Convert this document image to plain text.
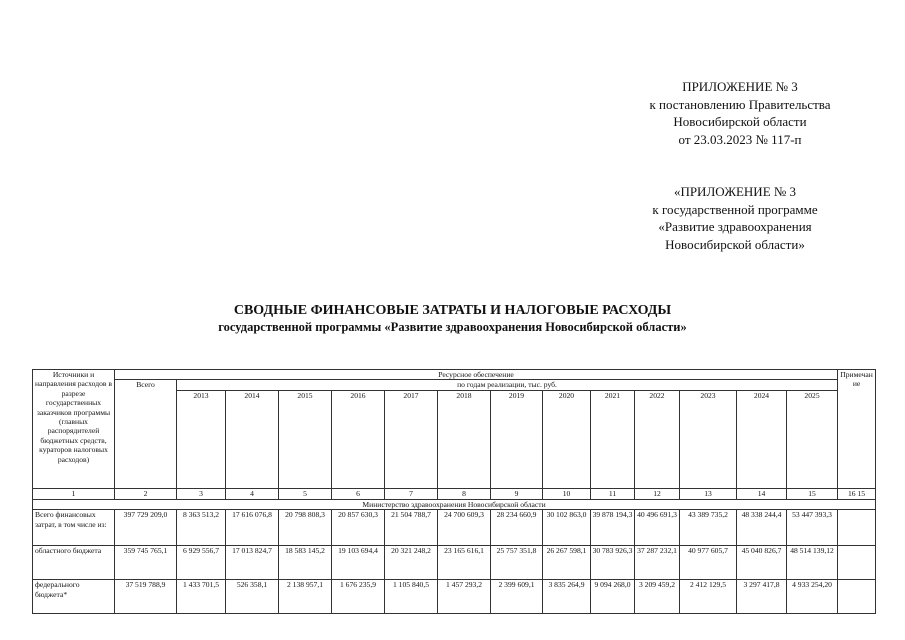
ПРИЛОЖЕНИЕ № 3
к постановлению Правительства
Новосибирской области
от 23.03.2023 № 117-п
«ПРИЛОЖЕНИЕ № 3
к государственной программе
«Развитие здравоохранения
Новосибирской области»
СВОДНЫЕ ФИНАНСОВЫЕ ЗАТРАТЫ И НАЛОГОВЫЕ РАСХОДЫ
государственной программы «Развитие здравоохранения Новосибирской области»
Источники и направления расходов в разрезе государственных заказчиков программы (главных распорядителей бюджетных средств, кураторов налоговых расходов)	Ресурсное обеспечение														Примечание
	Всего	по годам реализации, тыс. руб.													
		2013	2014	2015	2016	2017	2018	2019	2020	2021	2022	2023	2024	2025	
1	2	3	4	5	6	7	8	9	10	11	12	13	14	15	16 15
Министерство здравоохранения Новосибирской области															
Всего финансовых затрат, в том числе из:	397 729 209,0	8 363 513,2	17 616 076,8	20 798 808,3	20 857 630,3	21 504 788,7	24 700 609,3	28 234 660,9	30 102 863,0	39 878 194,3	40 496 691,3	43 389 735,2	48 338 244,4	53 447 393,3	
областного бюджета	359 745 765,1	6 929 556,7	17 013 824,7	18 583 145,2	19 103 694,4	20 321 248,2	23 165 616,1	25 757 351,8	26 267 598,1	30 783 926,3	37 287 232,1	40 977 605,7	45 040 826,7	48 514 139,12	
федерального бюджета*	37 519 788,9	1 433 701,5	526 358,1	2 138 957,1	1 676 235,9	1 105 840,5	1 457 293,2	2 399 609,1	3 835 264,9	9 094 268,0	3 209 459,2	2 412 129,5	3 297 417,8	4 933 254,20	
